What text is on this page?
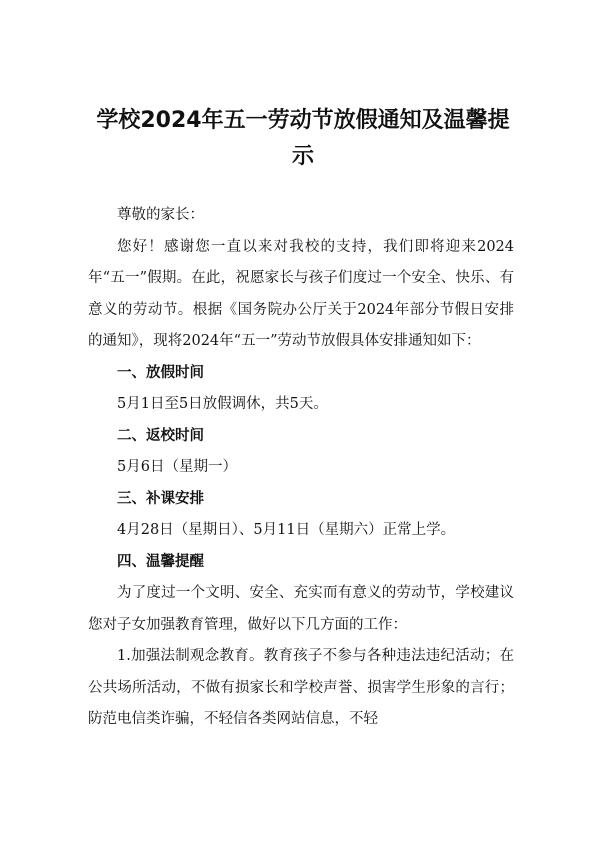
学校2024年五一劳动节放假通知及温馨提示

尊敬的家长：

您好！感谢您一直以来对我校的支持，我们即将迎来2024年“五一”假期。在此，祝愿家长与孩子们度过一个安全、快乐、有意义的劳动节。根据《国务院办公厅关于2024年部分节假日安排的通知》，现将2024年“五一”劳动节放假具体安排通知如下：

一、放假时间

5月1日至5日放假调休，共5天。

二、返校时间

5月6日（星期一）

三、补课安排

4月28日（星期日）、5月11日（星期六）正常上学。

四、温馨提醒

为了度过一个文明、安全、充实而有意义的劳动节，学校建议您对子女加强教育管理，做好以下几方面的工作：

1.加强法制观念教育。教育孩子不参与各种违法违纪活动；在公共场所活动，不做有损家长和学校声誉、损害学生形象的言行；防范电信类诈骗，不轻信各类网站信息，不轻
